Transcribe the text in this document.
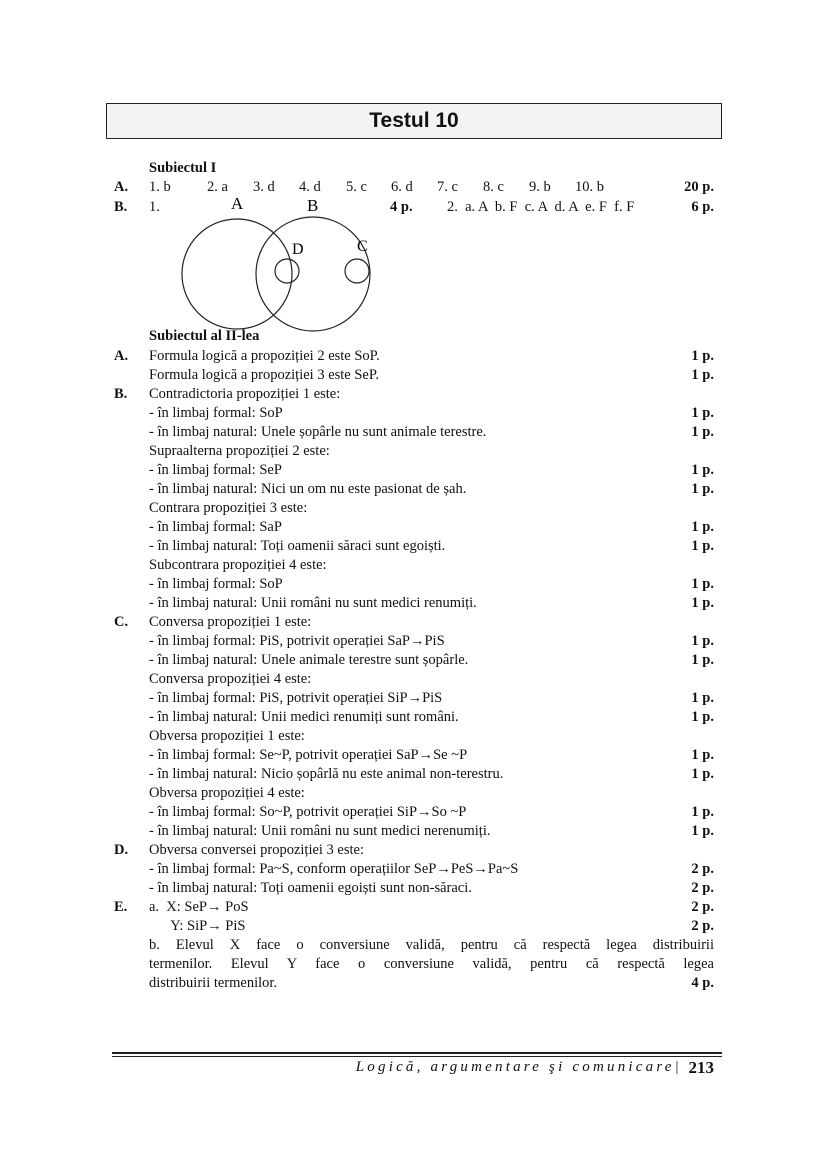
Testul 10
Subiectul I
A. 1. b	2. a 3. d 4. d 5. c 6. d 7. c 8. c 9. b 10. b	20 p.
B. 1.	4 p. 2.  a. A  b. F  c. A  d. A  e. F  f. F	6 p.
A	B
D	C
Subiectul al II-lea
A. Formula logică a propoziției 2 este SoP.	1 p.
Formula logică a propoziției 3 este SeP.	1 p.
B. Contradictoria propoziției 1 este:
- în limbaj formal: SoP	1 p.
- în limbaj natural: Unele șopârle nu sunt animale terestre.	1 p.
Supraalterna propoziției 2 este:
- în limbaj formal: SeP	1 p.
- în limbaj natural: Nici un om nu este pasionat de șah.	1 p.
Contrara propoziției 3 este:
- în limbaj formal: SaP	1 p.
- în limbaj natural: Toți oamenii săraci sunt egoiști.	1 p.
Subcontrara propoziției 4 este:
- în limbaj formal: SoP	1 p.
- în limbaj natural: Unii români nu sunt medici renumiți.	1 p.
C. Conversa propoziției 1 este:
- în limbaj formal: PiS, potrivit operației SaP→PiS	1 p.
- în limbaj natural: Unele animale terestre sunt șopârle.	1 p.
Conversa propoziției 4 este:
- în limbaj formal: PiS, potrivit operației SiP→PiS	1 p.
- în limbaj natural: Unii medici renumiți sunt români.	1 p.
Obversa propoziției 1 este:
- în limbaj formal: Se~P, potrivit operației SaP→Se ~P	1 p.
- în limbaj natural: Nicio șopârlă nu este animal non-terestru.	1 p.
Obversa propoziției 4 este:
- în limbaj formal: So~P, potrivit operației SiP→So ~P	1 p.
- în limbaj natural: Unii români nu sunt medici nerenumiți.	1 p.
D. Obversa conversei propoziției 3 este:
- în limbaj formal: Pa~S, conform operațiilor SeP→PeS→Pa~S	2 p.
- în limbaj natural: Toți oamenii egoiști sunt non-săraci.	2 p.
E. a.  X: SeP→ PoS	2 p.
Y: SiP→ PiS	2 p.
b. Elevul X face o conversiune validă, pentru că respectă legea distribuirii
termenilor. Elevul Y face o conversiune validă, pentru că respectă legea
distribuirii termenilor.	4 p.
Logică, argumentare şi comunicare| 213
